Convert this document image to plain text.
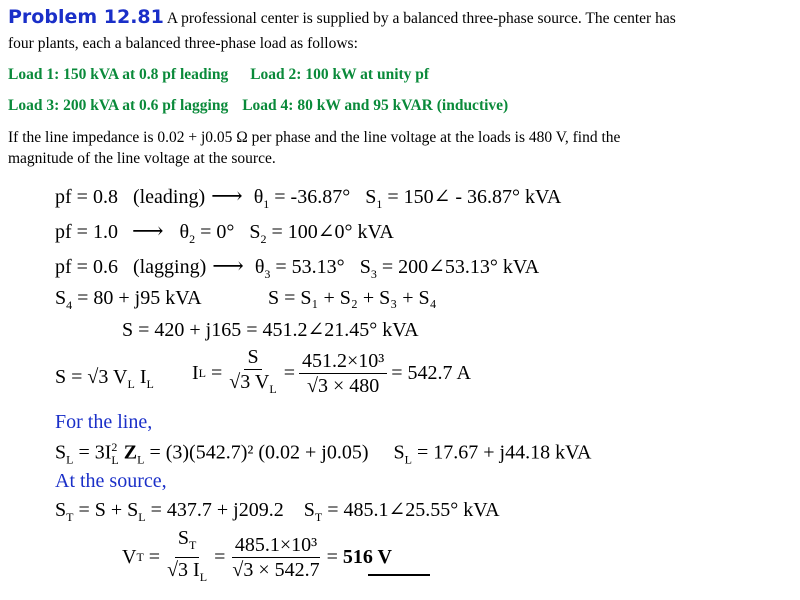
Problem 12.81 A professional center is supplied by a balanced three-phase source. The center has
four plants, each a balanced three-phase load as follows:
Load 1: 150 kVA at 0.8 pf leading Load 2: 100 kW at unity pf
Load 3: 200 kVA at 0.6 pf lagging Load 4: 80 kW and 95 kVAR (inductive)
If the line impedance is 0.02 + j0.05 Ω per phase and the line voltage at the loads is 480 V, find the
magnitude of the line voltage at the source.
pf = 0.8 (leading) ⟶ $\theta_1 = -36.87^\circ$ $S_1$ = 150∠ - 36.87° kVA
pf = 1.0 ⟶ $\theta_2 = 0^\circ$ $S_2$ = 100∠0° kVA
pf = 0.6 (lagging) ⟶ $\theta_3 = 53.13^\circ$ $S_3$ = 200∠53.13° kVA
$S_4 = 80 + j95$ kVA	S = S₁ + S₂ + S₃ + S₄
S = 420 + j165 = 451.2∠21.45° kVA
S = √3 $V_L$ $I_L$
I $L = \frac{S}{√3 V_L} = \frac{\text{451.2×10³}}{√3 \times 480} = 542.7$ A
For the line,
$S_L = 3I^2_L$ $Z_L = (3)(542.7)^2$ (0.02 + j0.05)     $S_L = 17.67 + j44.18$ kVA
At the source,
$S_T = S + S_L = 437.7 + j209.2$    $S_T$ = 485.1∠25.55° kVA
V $T = \frac{S_T}{√3 I_L} = \frac{\text{485.1×10³}}{√3 \times 542.7} = 516$ V
